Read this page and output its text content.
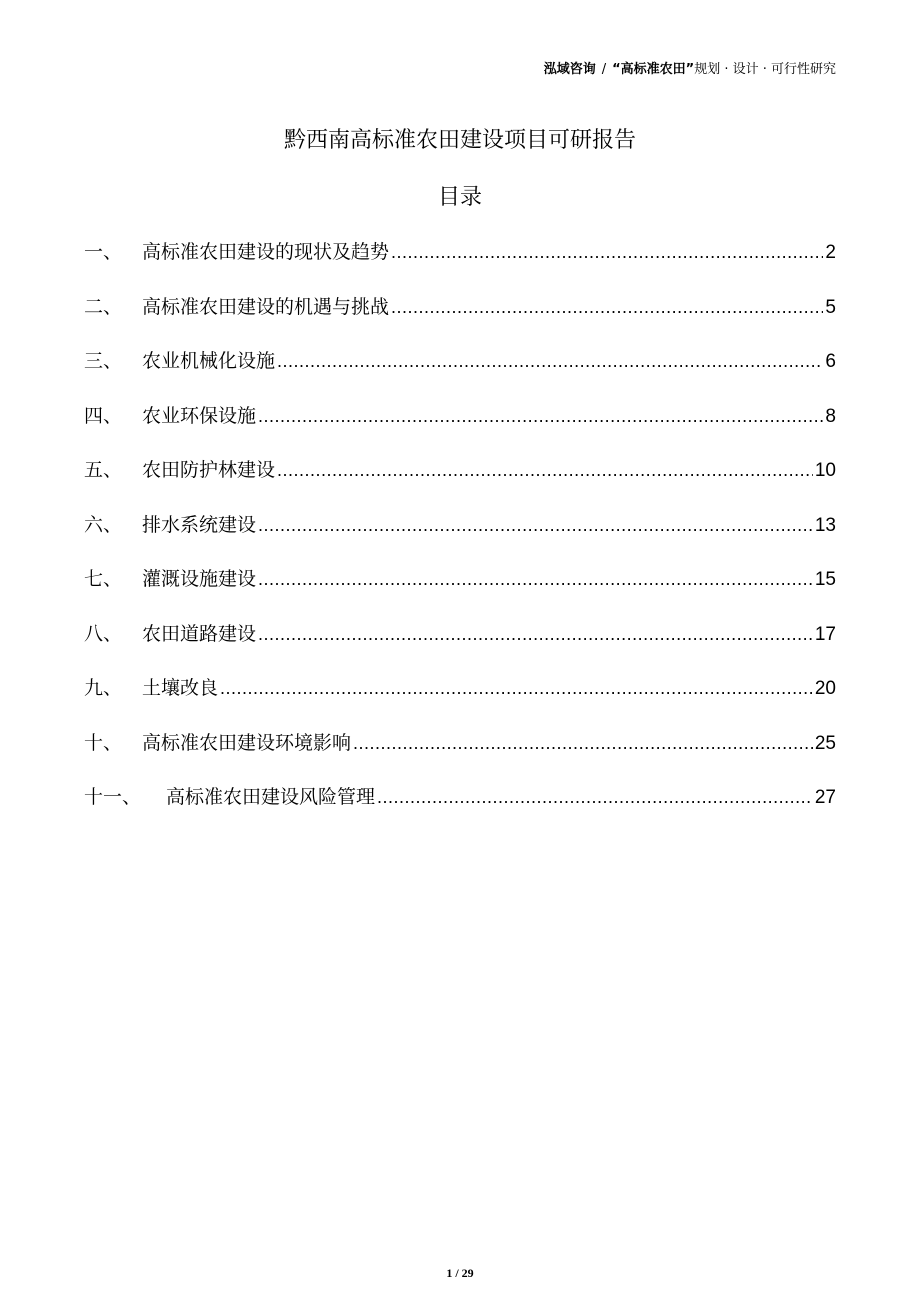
泓域咨询 / “高标准农田”规划 · 设计 · 可行性研究
黔西南高标准农田建设项目可研报告
目录
一、	高标准农田建设的现状及趋势 .....	2
二、	高标准农田建设的机遇与挑战 .....	5
三、	农业机械化设施 .....	6
四、	农业环保设施 .....	8
五、	农田防护林建设 .....	10
六、	排水系统建设 .....	13
七、	灌溉设施建设 .....	15
八、	农田道路建设 .....	17
九、	土壤改良 .....	20
十、	高标准农田建设环境影响 .....	25
十一、	高标准农田建设风险管理 .....	27
1 / 29
